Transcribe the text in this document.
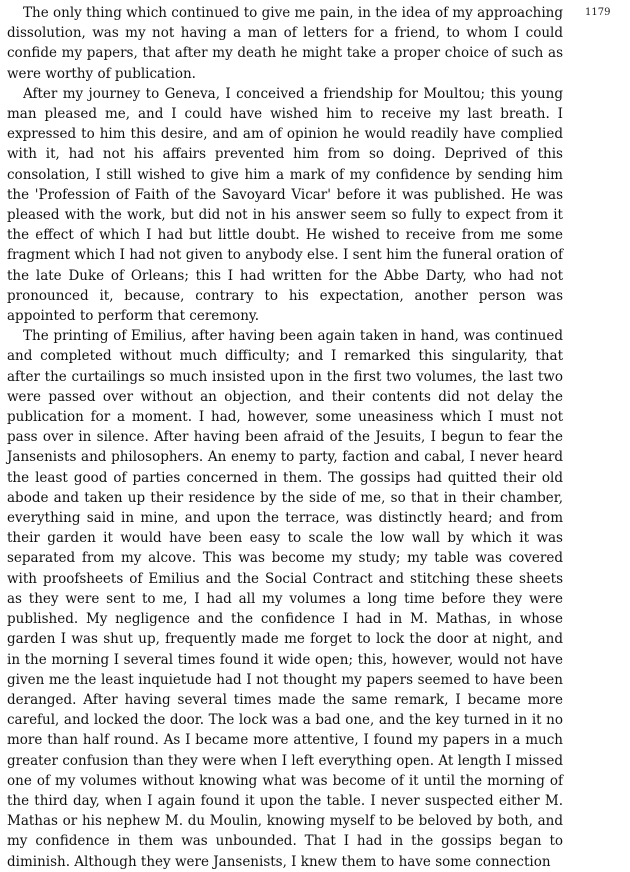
The only thing which continued to give me pain, in the idea of my approaching dissolution, was my not having a man of letters for a friend, to whom I could confide my papers, that after my death he might take a proper choice of such as were worthy of publication.

After my journey to Geneva, I conceived a friendship for Moultou; this young man pleased me, and I could have wished him to receive my last breath. I expressed to him this desire, and am of opinion he would readily have complied with it, had not his affairs prevented him from so doing. Deprived of this consolation, I still wished to give him a mark of my confidence by sending him the 'Profession of Faith of the Savoyard Vicar' before it was published. He was pleased with the work, but did not in his answer seem so fully to expect from it the effect of which I had but little doubt. He wished to receive from me some fragment which I had not given to anybody else. I sent him the funeral oration of the late Duke of Orleans; this I had written for the Abbe Darty, who had not pronounced it, because, contrary to his expectation, another person was appointed to perform that ceremony.

The printing of Emilius, after having been again taken in hand, was continued and completed without much difficulty; and I remarked this singularity, that after the curtailings so much insisted upon in the first two volumes, the last two were passed over without an objection, and their contents did not delay the publication for a moment. I had, however, some uneasiness which I must not pass over in silence. After having been afraid of the Jesuits, I begun to fear the Jansenists and philosophers. An enemy to party, faction and cabal, I never heard the least good of parties concerned in them. The gossips had quitted their old abode and taken up their residence by the side of me, so that in their chamber, everything said in mine, and upon the terrace, was distinctly heard; and from their garden it would have been easy to scale the low wall by which it was separated from my alcove. This was become my study; my table was covered with proofsheets of Emilius and the Social Contract and stitching these sheets as they were sent to me, I had all my volumes a long time before they were published. My negligence and the confidence I had in M. Mathas, in whose garden I was shut up, frequently made me forget to lock the door at night, and in the morning I several times found it wide open; this, however, would not have given me the least inquietude had I not thought my papers seemed to have been deranged. After having several times made the same remark, I became more careful, and locked the door. The lock was a bad one, and the key turned in it no more than half round. As I became more attentive, I found my papers in a much greater confusion than they were when I left everything open. At length I missed one of my volumes without knowing what was become of it until the morning of the third day, when I again found it upon the table. I never suspected either M. Mathas or his nephew M. du Moulin, knowing myself to be beloved by both, and my confidence in them was unbounded. That I had in the gossips began to diminish. Although they were Jansenists, I knew them to have some connection

1179
